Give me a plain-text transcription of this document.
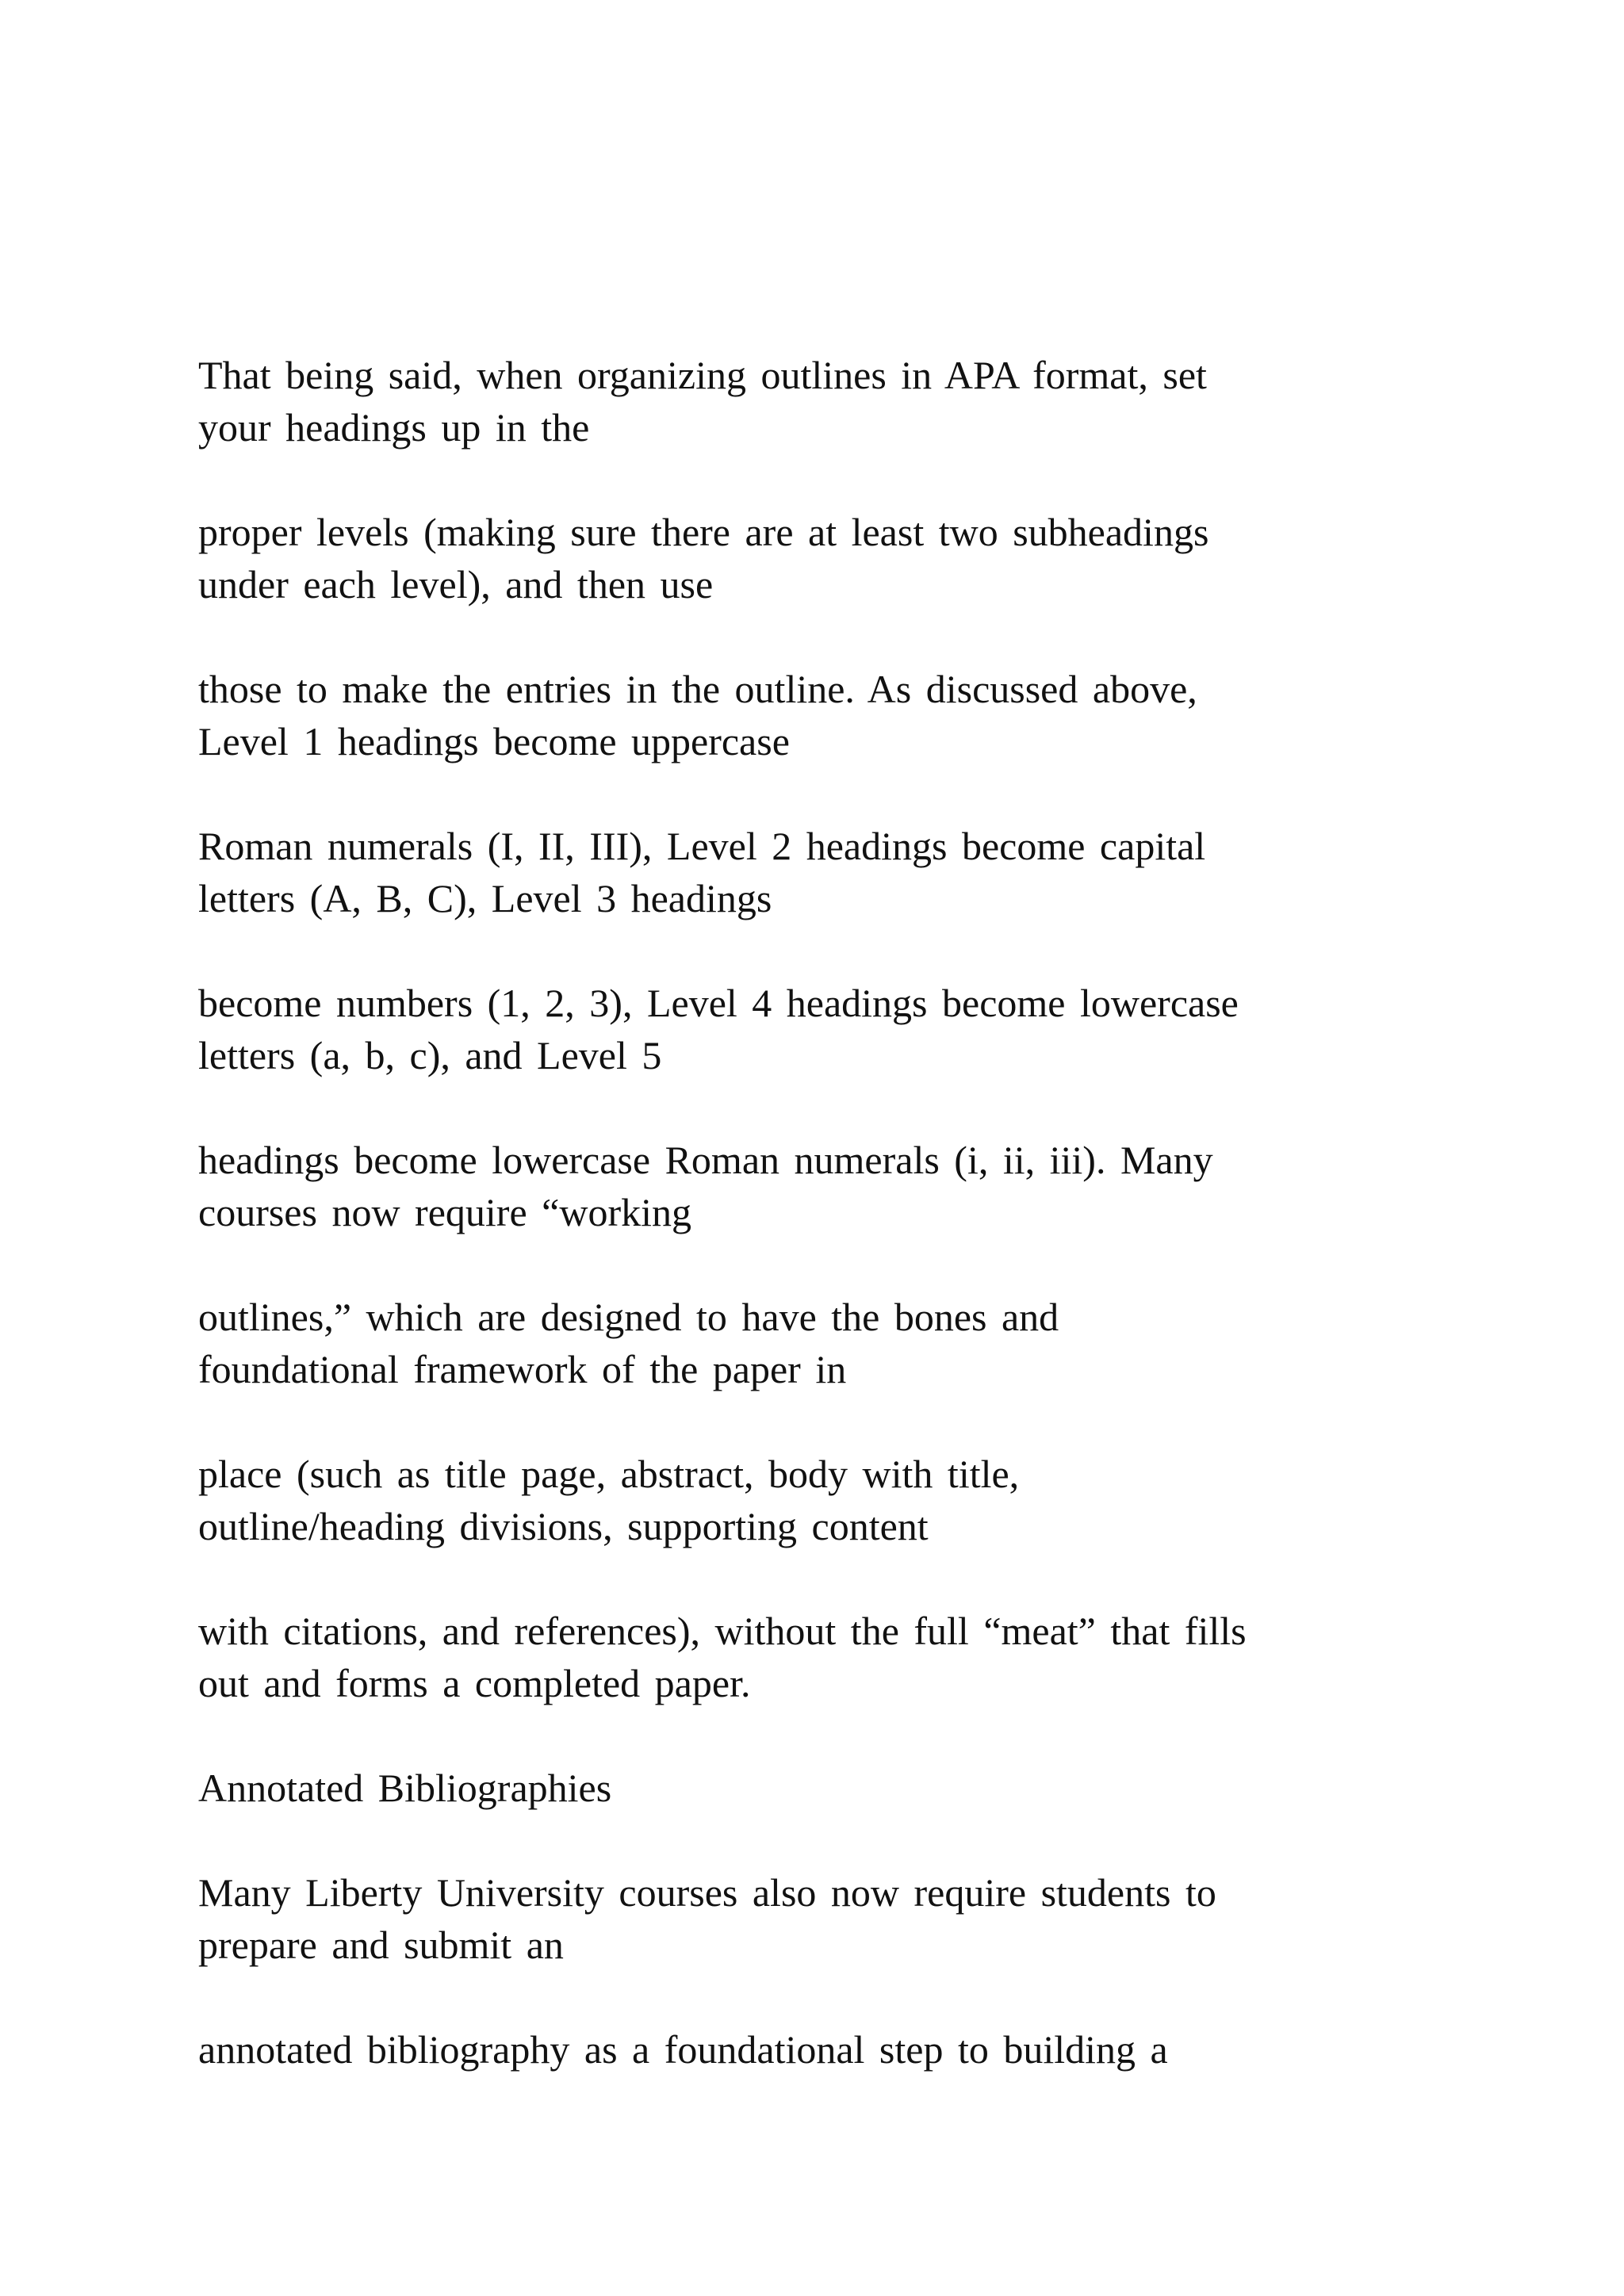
That being said, when organizing outlines in APA format, set
your headings up in the

proper levels (making sure there are at least two subheadings
under each level), and then use

those to make the entries in the outline. As discussed above,
Level 1 headings become uppercase

Roman numerals (I, II, III), Level 2 headings become capital
letters (A, B, C), Level 3 headings

become numbers (1, 2, 3), Level 4 headings become lowercase
letters (a, b, c), and Level 5

headings become lowercase Roman numerals (i, ii, iii). Many
courses now require “working

outlines,” which are designed to have the bones and
foundational framework of the paper in

place (such as title page, abstract, body with title,
outline/heading divisions, supporting content

with citations, and references), without the full “meat” that fills
out and forms a completed paper.

Annotated Bibliographies

Many Liberty University courses also now require students to
prepare and submit an

annotated bibliography as a foundational step to building a
